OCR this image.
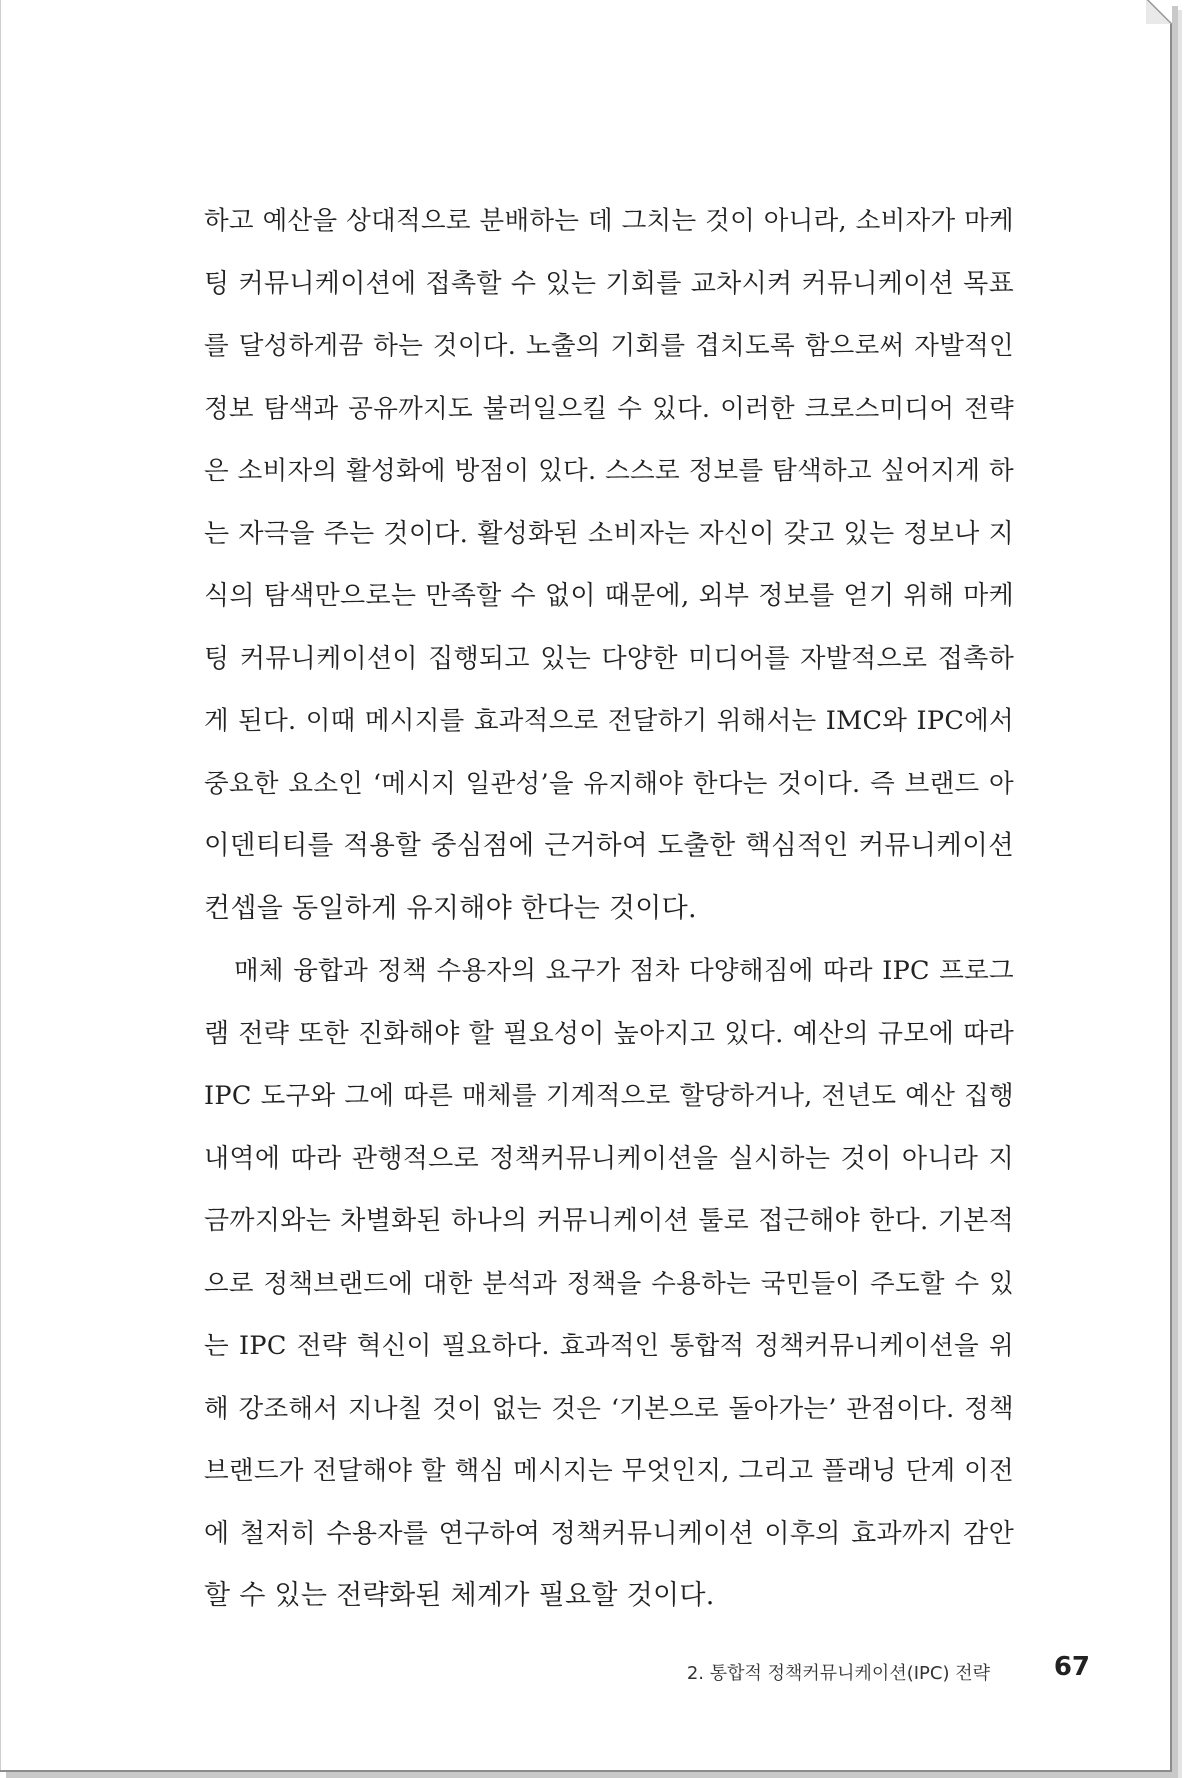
하고 예산을 상대적으로 분배하는 데 그치는 것이 아니라, 소비자가 마케
팅 커뮤니케이션에 접촉할 수 있는 기회를 교차시켜 커뮤니케이션 목표
를 달성하게끔 하는 것이다. 노출의 기회를 겹치도록 함으로써 자발적인
정보 탐색과 공유까지도 불러일으킬 수 있다. 이러한 크로스미디어 전략
은 소비자의 활성화에 방점이 있다. 스스로 정보를 탐색하고 싶어지게 하
는 자극을 주는 것이다. 활성화된 소비자는 자신이 갖고 있는 정보나 지
식의 탐색만으로는 만족할 수 없이 때문에, 외부 정보를 얻기 위해 마케
팅 커뮤니케이션이 집행되고 있는 다양한 미디어를 자발적으로 접촉하
게 된다. 이때 메시지를 효과적으로 전달하기 위해서는 IMC와 IPC에서
중요한 요소인 ‘메시지 일관성’을 유지해야 한다는 것이다. 즉 브랜드 아
이덴티티를 적용할 중심점에 근거하여 도출한 핵심적인 커뮤니케이션
컨셉을 동일하게 유지해야 한다는 것이다.
매체 융합과 정책 수용자의 요구가 점차 다양해짐에 따라 IPC 프로그
램 전략 또한 진화해야 할 필요성이 높아지고 있다. 예산의 규모에 따라
IPC 도구와 그에 따른 매체를 기계적으로 할당하거나, 전년도 예산 집행
내역에 따라 관행적으로 정책커뮤니케이션을 실시하는 것이 아니라 지
금까지와는 차별화된 하나의 커뮤니케이션 툴로 접근해야 한다. 기본적
으로 정책브랜드에 대한 분석과 정책을 수용하는 국민들이 주도할 수 있
는 IPC 전략 혁신이 필요하다. 효과적인 통합적 정책커뮤니케이션을 위
해 강조해서 지나칠 것이 없는 것은 ‘기본으로 돌아가는’ 관점이다. 정책
브랜드가 전달해야 할 핵심 메시지는 무엇인지, 그리고 플래닝 단계 이전
에 철저히 수용자를 연구하여 정책커뮤니케이션 이후의 효과까지 감안
할 수 있는 전략화된 체계가 필요할 것이다.
2. 통합적 정책커뮤니케이션(IPC) 전략 67
